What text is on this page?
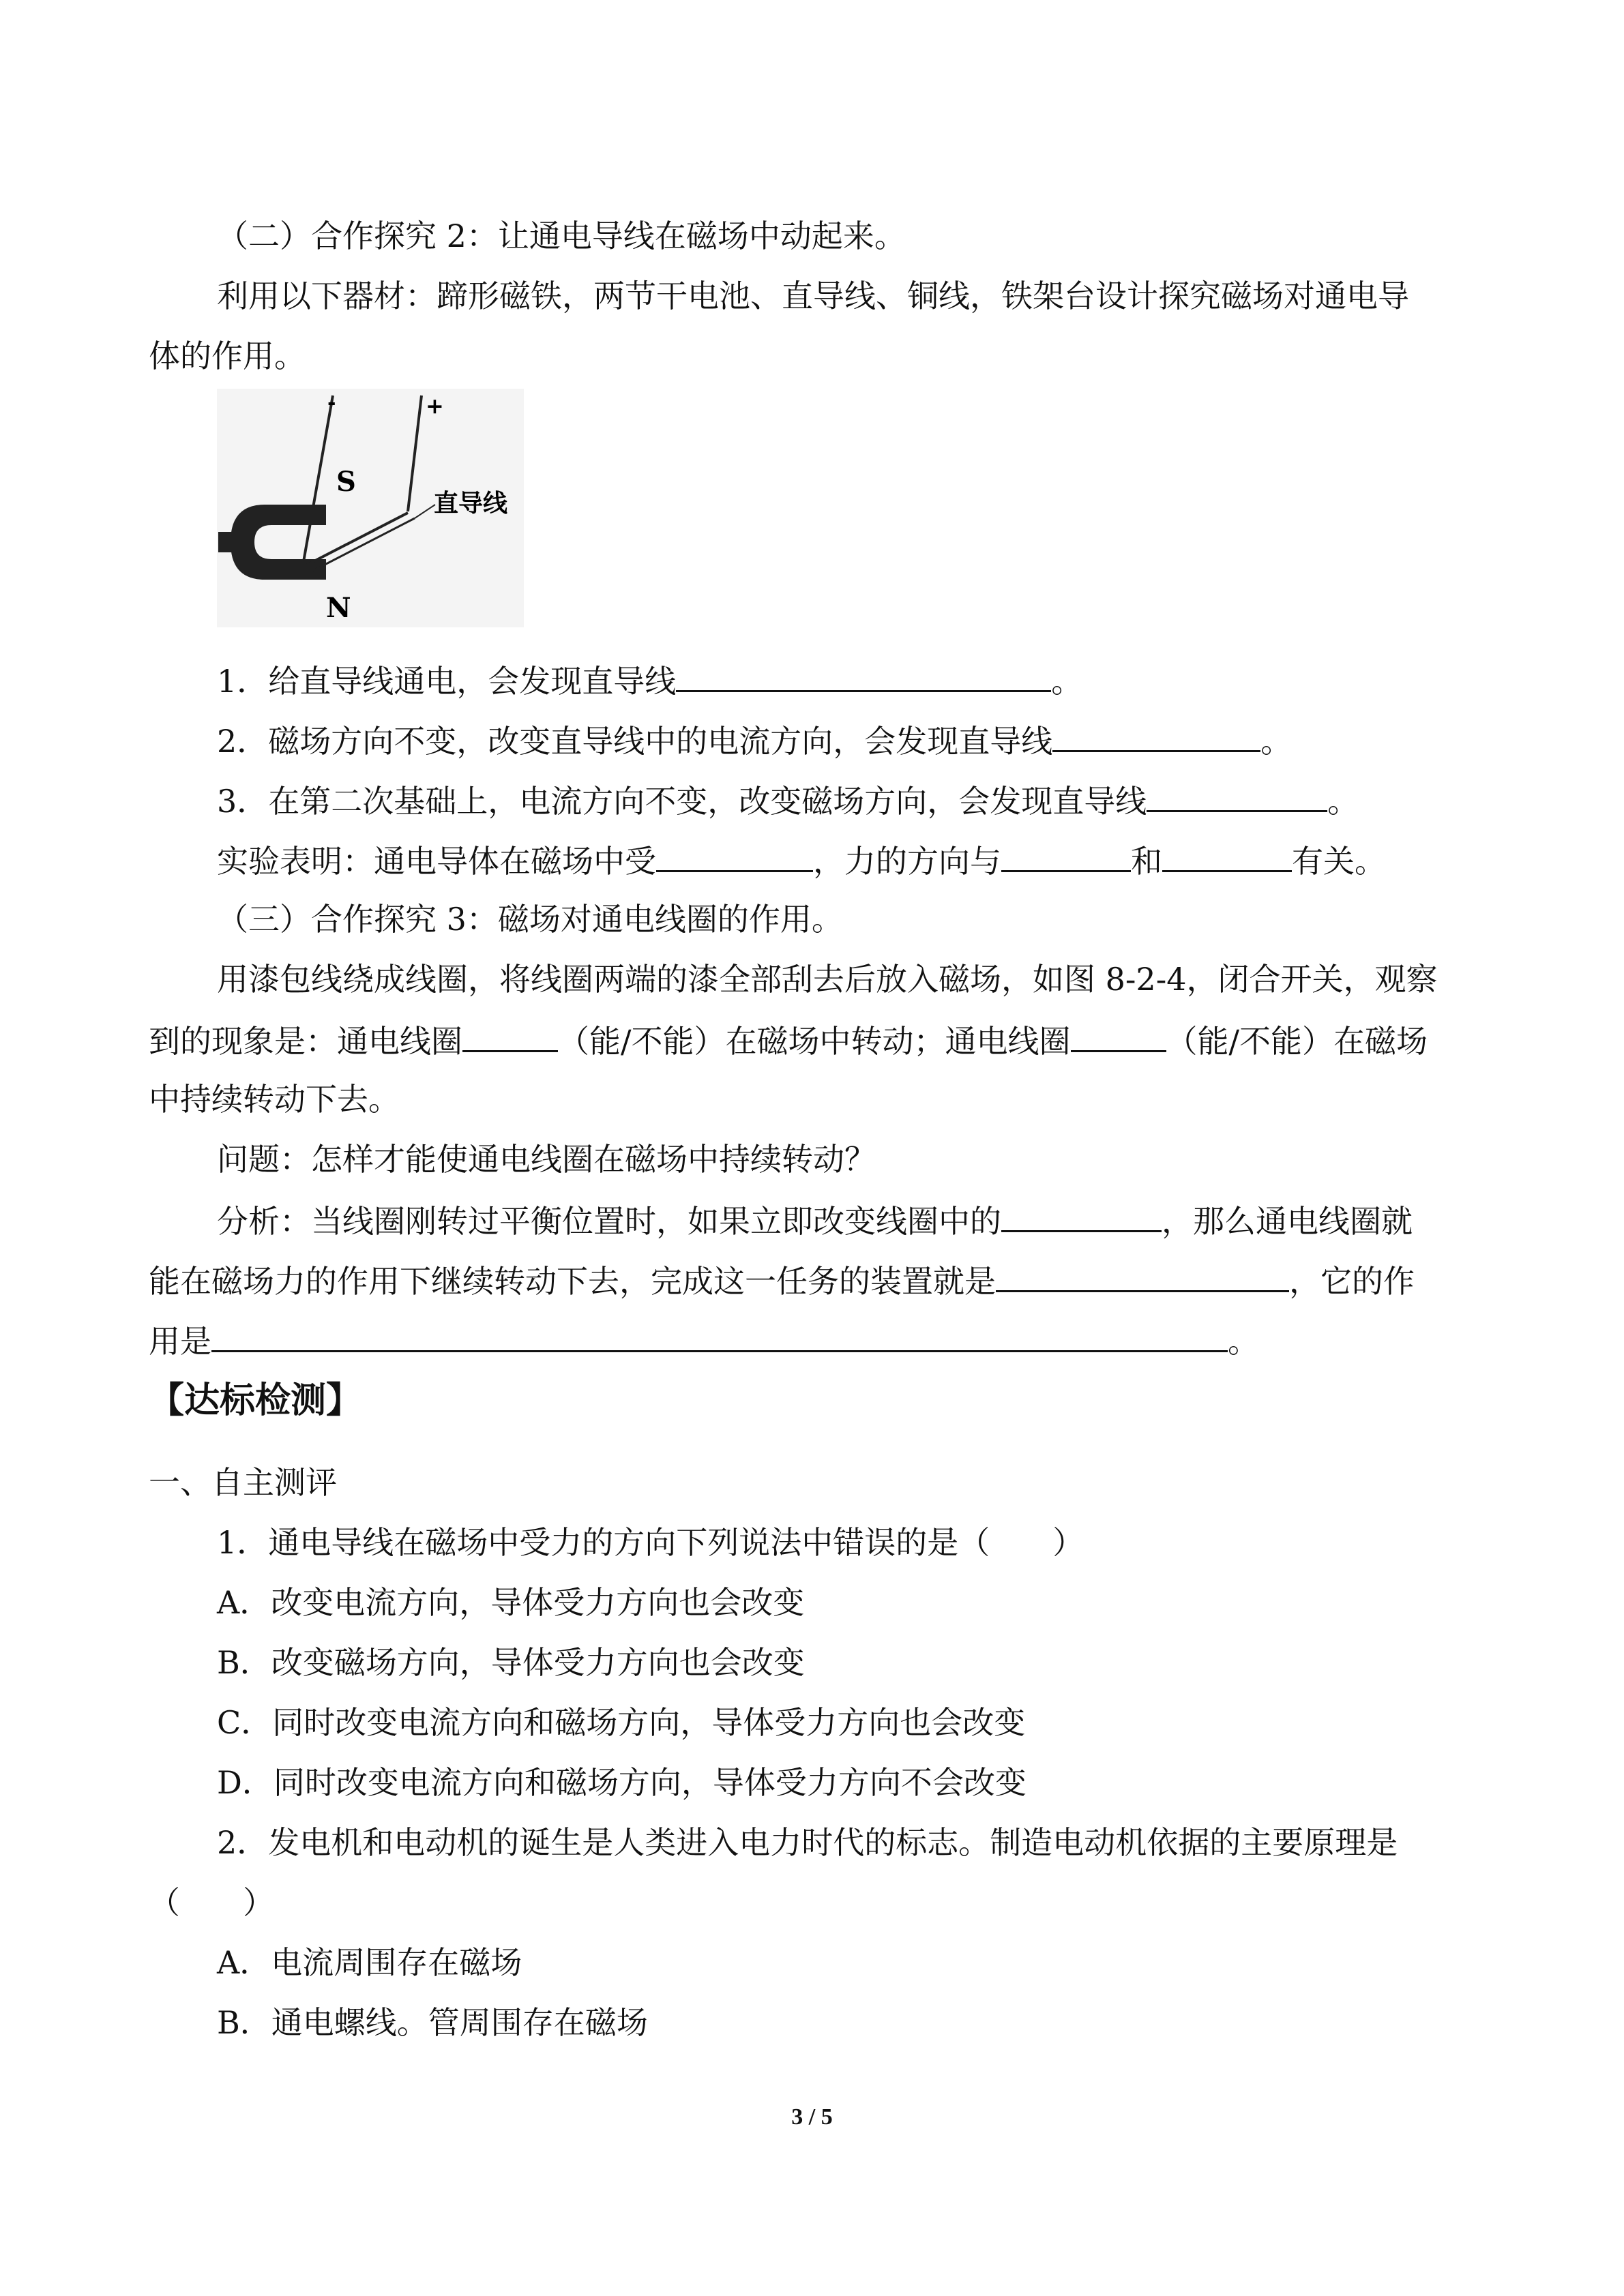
（二）合作探究 2：让通电导线在磁场中动起来。

利用以下器材：蹄形磁铁，两节干电池、直导线、铜线，铁架台设计探究磁场对通电导

体的作用。

-	+
S
N
直导线

1．给直导线通电，会发现直导线	。

2．磁场方向不变，改变直导线中的电流方向，会发现直导线	。

3．在第二次基础上，电流方向不变，改变磁场方向，会发现直导线	。

实验表明：通电导体在磁场中受	，力的方向与	和	有关。

（三）合作探究 3：磁场对通电线圈的作用。

用漆包线绕成线圈，将线圈两端的漆全部刮去后放入磁场，如图 8-2-4，闭合开关，观察

到的现象是：通电线圈	（能/不能）在磁场中转动；通电线圈	（能/不能）在磁场

中持续转动下去。

问题：怎样才能使通电线圈在磁场中持续转动？

分析：当线圈刚转过平衡位置时，如果立即改变线圈中的	，那么通电线圈就

能在磁场力的作用下继续转动下去，完成这一任务的装置就是	，它的作

用是	。

【达标检测】

一、自主测评

1．通电导线在磁场中受力的方向下列说法中错误的是（　　）

A．改变电流方向，导体受力方向也会改变

B．改变磁场方向，导体受力方向也会改变

C．同时改变电流方向和磁场方向，导体受力方向也会改变

D．同时改变电流方向和磁场方向，导体受力方向不会改变

2．发电机和电动机的诞生是人类进入电力时代的标志。制造电动机依据的主要原理是

（　　）

A．电流周围存在磁场

B．通电螺线。管周围存在磁场

3 / 5
